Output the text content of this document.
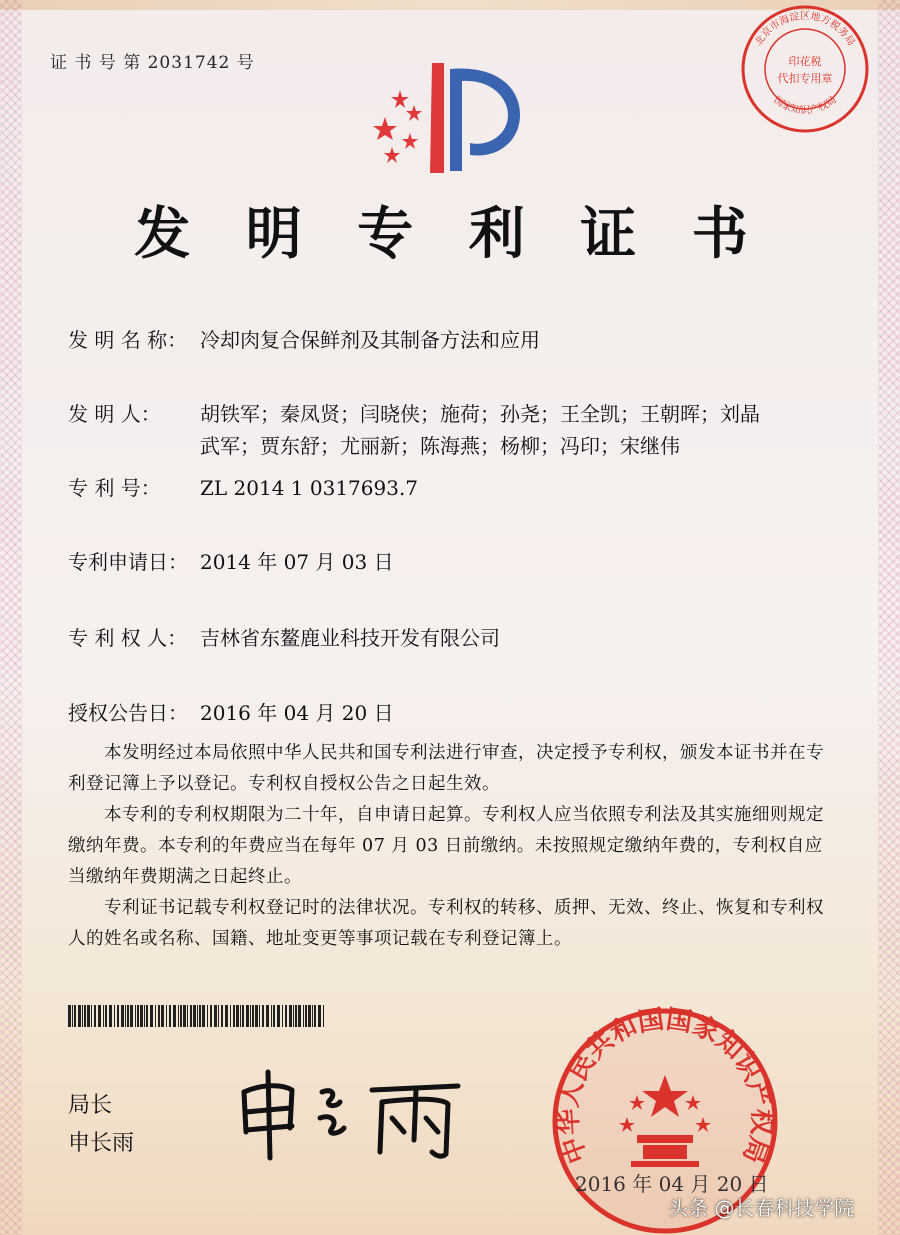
证 书 号 第 2031742 号
北京市海淀区地方税务局
国家知识产权局
印花税
代扣专用章
发 明 专 利 证 书
发 明 名 称： 冷却肉复合保鲜剂及其制备方法和应用
发 明 人： 胡铁军；秦凤贤；闫晓侠；施荷；孙尧；王全凯；王朝晖；刘晶
武军；贾东舒；尤丽新；陈海燕；杨柳；冯印；宋继伟
专 利 号： ZL 2014 1 0317693.7
专利申请日： 2014 年 07 月 03 日
专 利 权 人： 吉林省东鳌鹿业科技开发有限公司
授权公告日： 2016 年 04 月 20 日

本发明经过本局依照中华人民共和国专利法进行审查，决定授予专利权，颁发本证书并在专利登记簿上予以登记。专利权自授权公告之日起生效。

本专利的专利权期限为二十年，自申请日起算。专利权人应当依照专利法及其实施细则规定缴纳年费。本专利的年费应当在每年 07 月 03 日前缴纳。未按照规定缴纳年费的，专利权自应当缴纳年费期满之日起终止。

专利证书记载专利权登记时的法律状况。专利权的转移、质押、无效、终止、恢复和专利权人的姓名或名称、国籍、地址变更等事项记载在专利登记簿上。

局长
申长雨	中华人民共和国国家知识产权局
2016 年 04 月 20 日
头条 @长春科技学院
